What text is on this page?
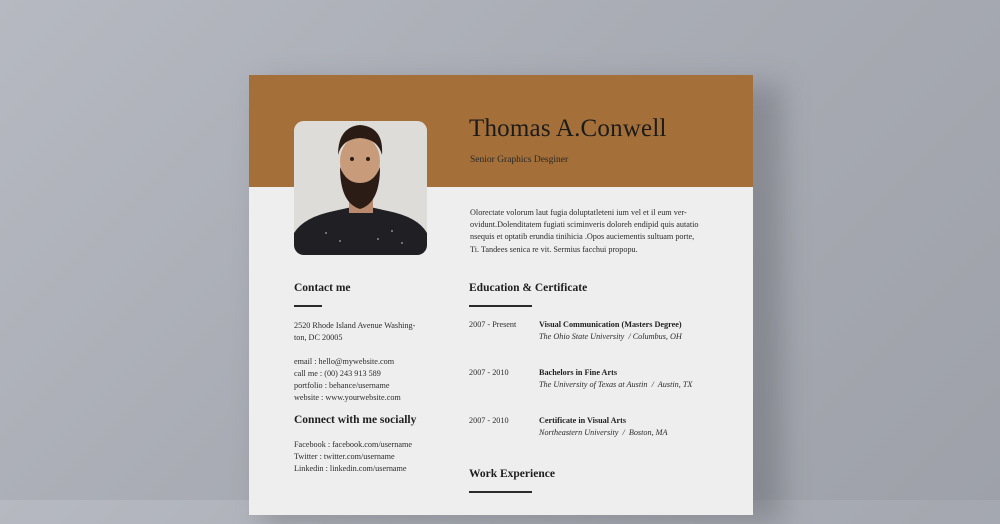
Thomas A.Conwell
Senior Graphics Desginer
Olorectate volorum laut fugia doluptatleteni ium vel et il eum ver-
ovidunt.Dolenditatem fugiati sciminveris doloreh endipid quis autatio
nsequis et optatib erundia tinihicia .Opos auciementis sultuam porte,
Ti. Tandees senica re vit. Sermius facchui propopu.
Contact me
2520 Rhode Island Avenue Washing-
ton, DC 20005
email : hello@mywebsite.com
call me : (00) 243 913 589
portfolio : behance/username
website : www.yourwebsite.com
Connect with me socially
Facebook : facebook.com/username
Twitter : twitter.com/username
Linkedin : linkedin.com/username
Education & Certificate
2007 - Present	Visual Communication (Masters Degree)
The Ohio State University  / Columbus, OH
2007 - 2010	Bachelors in Fine Arts
The University of Texas at Austin  /  Austin, TX
2007 - 2010	Certificate in Visual Arts
Northeastern University  /  Boston, MA
Work Experience
